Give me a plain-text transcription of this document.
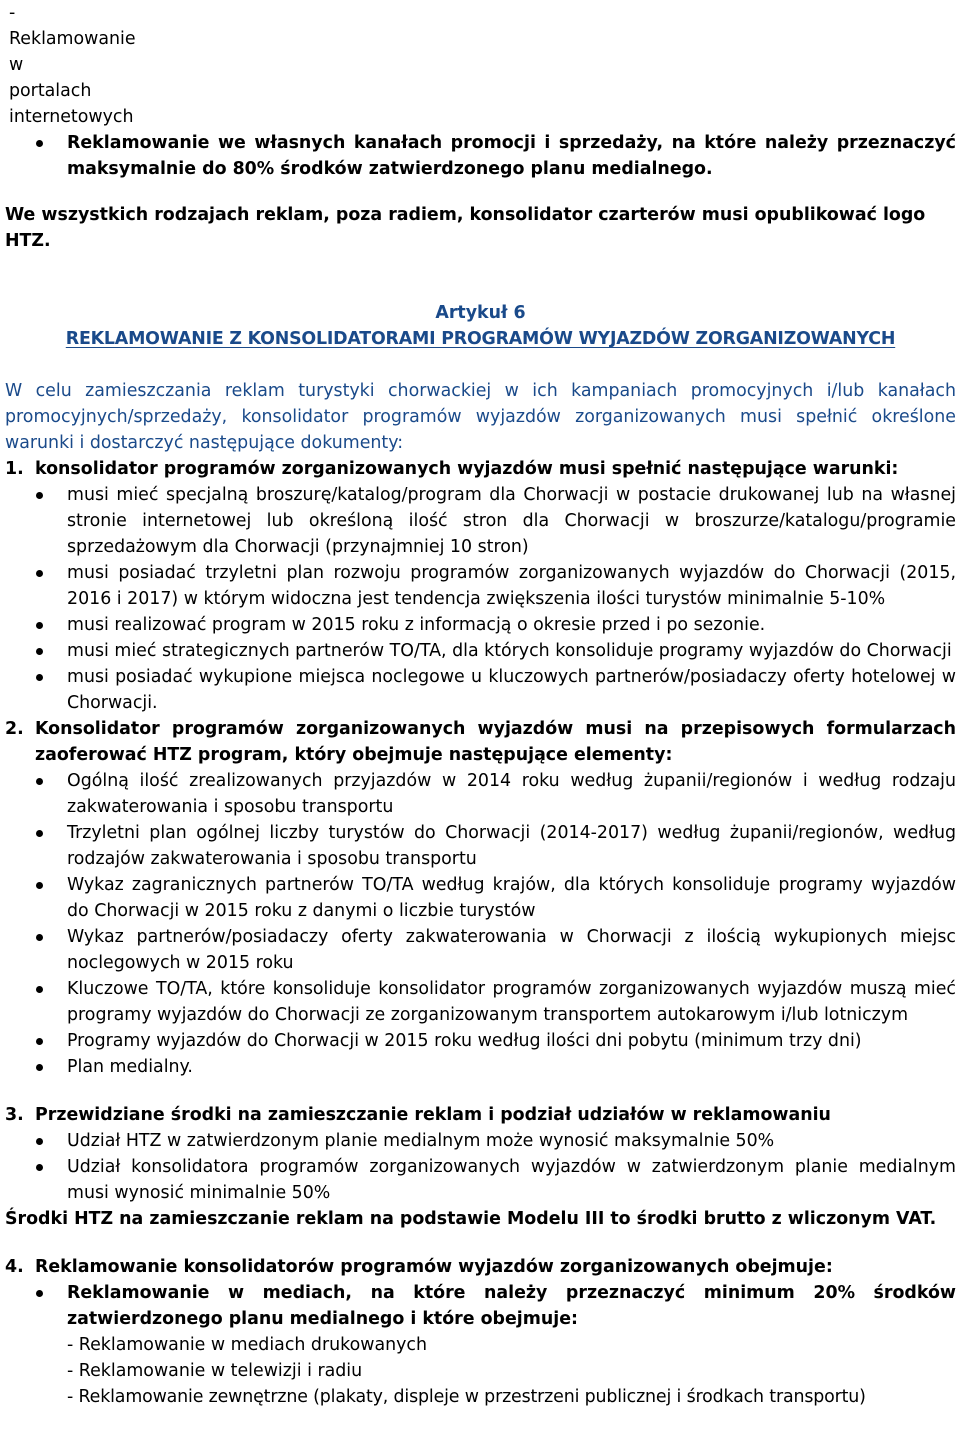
- Reklamowanie w portalach internetowych
Reklamowanie we własnych kanałach promocji i sprzedaży, na które należy przeznaczyć maksymalnie do 80% środków zatwierdzonego planu medialnego.
We wszystkich rodzajach reklam, poza radiem, konsolidator czarterów musi opublikować logo HTZ.
Artykuł 6
REKLAMOWANIE Z KONSOLIDATORAMI PROGRAMÓW WYJAZDÓW ZORGANIZOWANYCH
W celu zamieszczania reklam turystyki chorwackiej w ich kampaniach promocyjnych i/lub kanałach promocyjnych/sprzedaży, konsolidator programów wyjazdów zorganizowanych musi spełnić określone warunki i dostarczyć następujące dokumenty:
1. konsolidator programów zorganizowanych wyjazdów musi spełnić następujące warunki:
musi mieć specjalną broszurę/katalog/program dla Chorwacji w postacie drukowanej lub na własnej stronie internetowej lub określoną ilość stron dla Chorwacji w broszurze/katalogu/programie sprzedażowym dla Chorwacji (przynajmniej 10 stron)
musi posiadać trzyletni plan rozwoju programów zorganizowanych wyjazdów do Chorwacji (2015, 2016 i 2017) w którym widoczna jest tendencja zwiększenia ilości turystów minimalnie 5-10%
musi realizować program w 2015 roku z informacją o okresie przed i po sezonie.
musi mieć strategicznych partnerów TO/TA, dla których konsoliduje programy wyjazdów do Chorwacji
musi posiadać wykupione miejsca noclegowe u kluczowych partnerów/posiadaczy oferty hotelowej w Chorwacji.
2. Konsolidator programów zorganizowanych wyjazdów musi na przepisowych formularzach zaoferować HTZ program, który obejmuje następujące elementy:
Ogólną ilość zrealizowanych przyjazdów w 2014 roku według żupanii/regionów i według rodzaju zakwaterowania i sposobu transportu
Trzyletni plan ogólnej liczby turystów do Chorwacji (2014-2017) według żupanii/regionów, według rodzajów zakwaterowania i sposobu transportu
Wykaz zagranicznych partnerów TO/TA według krajów, dla których konsoliduje programy wyjazdów do Chorwacji w 2015 roku z danymi o liczbie turystów
Wykaz partnerów/posiadaczy oferty zakwaterowania w Chorwacji z ilością wykupionych miejsc noclegowych w 2015 roku
Kluczowe TO/TA, które konsoliduje konsolidator programów zorganizowanych wyjazdów muszą mieć programy wyjazdów do Chorwacji ze zorganizowanym transportem autokarowym i/lub lotniczym
Programy wyjazdów do Chorwacji w 2015 roku według ilości dni pobytu (minimum trzy dni)
Plan medialny.
3. Przewidziane środki na zamieszczanie reklam i podział udziałów w reklamowaniu
Udział HTZ w zatwierdzonym planie medialnym może wynosić maksymalnie 50%
Udział konsolidatora programów zorganizowanych wyjazdów w zatwierdzonym planie medialnym musi wynosić minimalnie 50%
Środki HTZ na zamieszczanie reklam na podstawie Modelu III to środki brutto z wliczonym VAT.
4. Reklamowanie konsolidatorów programów wyjazdów zorganizowanych obejmuje:
Reklamowanie w mediach, na które należy przeznaczyć minimum 20% środków zatwierdzonego planu medialnego i które obejmuje:
- Reklamowanie w mediach drukowanych
- Reklamowanie w telewizji i radiu
- Reklamowanie zewnętrzne (plakaty, displeje w przestrzeni publicznej i środkach transportu)
